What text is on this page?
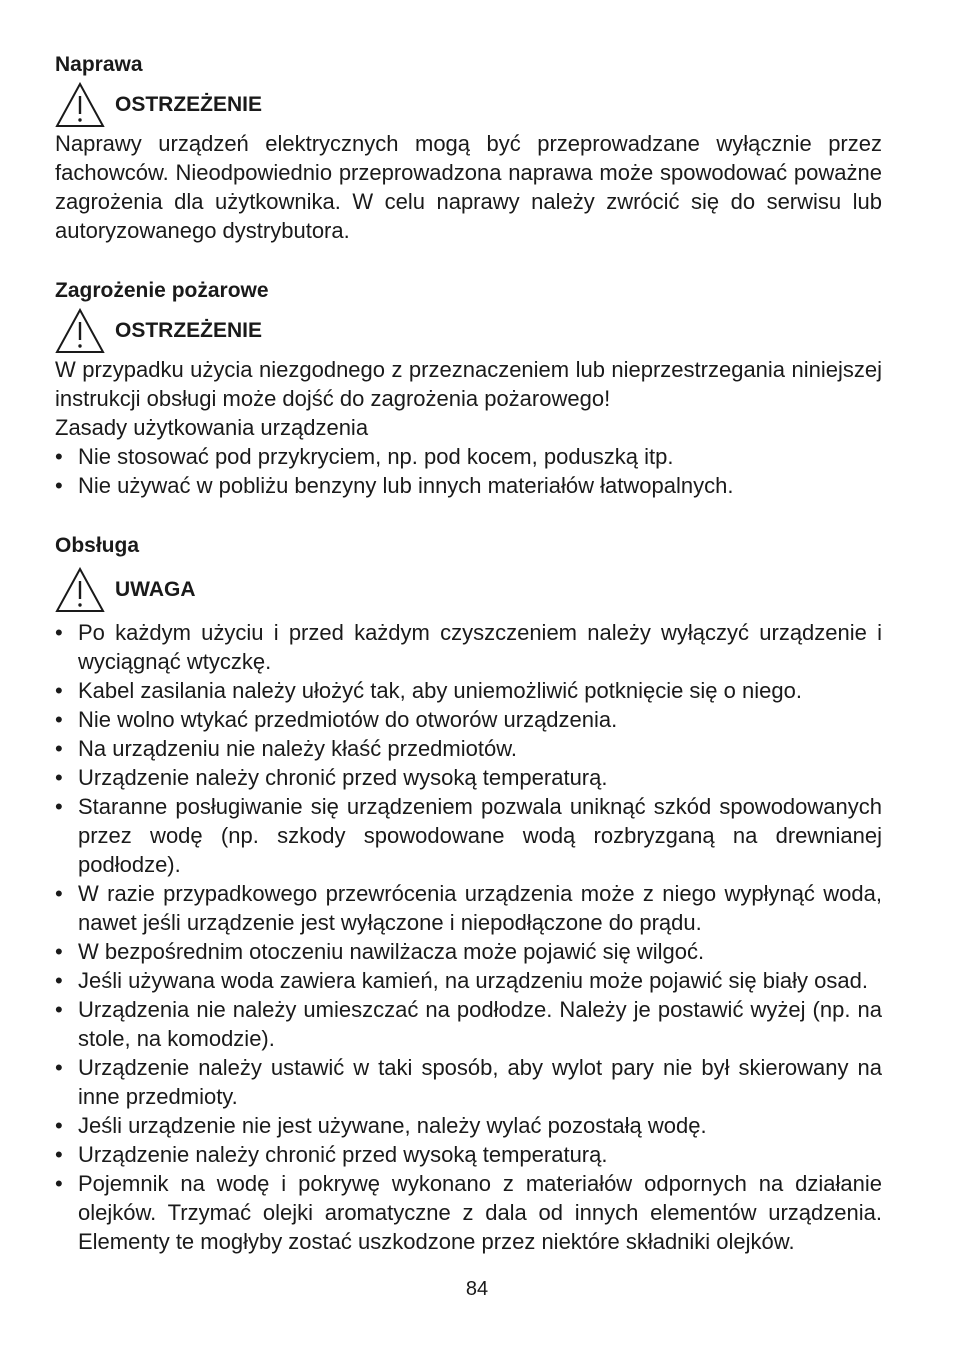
Naprawa
OSTRZEŻENIE

Naprawy urządzeń elektrycznych mogą być przeprowadzane wyłącznie przez fachowców. Nieodpowiednio przeprowadzona naprawa może spowodować poważne zagrożenia dla użytkownika. W celu naprawy należy zwrócić się do serwisu lub autoryzowanego dystrybutora.

Zagrożenie pożarowe
OSTRZEŻENIE

W przypadku użycia niezgodnego z przeznaczeniem lub nieprzestrzegania niniejszej instrukcji obsługi może dojść do zagrożenia pożarowego!

Zasady użytkowania urządzenia

• Nie stosować pod przykryciem, np. pod kocem, poduszką itp.
• Nie używać w pobliżu benzyny lub innych materiałów łatwopalnych.
Obsługa
UWAGA
• Po każdym użyciu i przed każdym czyszczeniem należy wyłączyć urządzenie i wyciągnąć wtyczkę.
• Kabel zasilania należy ułożyć tak, aby uniemożliwić potknięcie się o niego.
• Nie wolno wtykać przedmiotów do otworów urządzenia.
• Na urządzeniu nie należy kłaść przedmiotów.
• Urządzenie należy chronić przed wysoką temperaturą.
• Staranne posługiwanie się urządzeniem pozwala uniknąć szkód spowodowanych przez wodę (np. szkody spowodowane wodą rozbryzganą na drewnianej podłodze).
• W razie przypadkowego przewrócenia urządzenia może z niego wypłynąć woda, nawet jeśli urządzenie jest wyłączone i niepodłączone do prądu.
• W bezpośrednim otoczeniu nawilżacza może pojawić się wilgoć.
• Jeśli używana woda zawiera kamień, na urządzeniu może pojawić się biały osad.
• Urządzenia nie należy umieszczać na podłodze. Należy je postawić wyżej (np. na stole, na komodzie).
• Urządzenie należy ustawić w taki sposób, aby wylot pary nie był skierowany na inne przedmioty.
• Jeśli urządzenie nie jest używane, należy wylać pozostałą wodę.
• Urządzenie należy chronić przed wysoką temperaturą.
• Pojemnik na wodę i pokrywę wykonano z materiałów odpornych na działanie olejków. Trzymać olejki aromatyczne z dala od innych elementów urządzenia. Elementy te mogłyby zostać uszkodzone przez niektóre składniki olejków.
84
